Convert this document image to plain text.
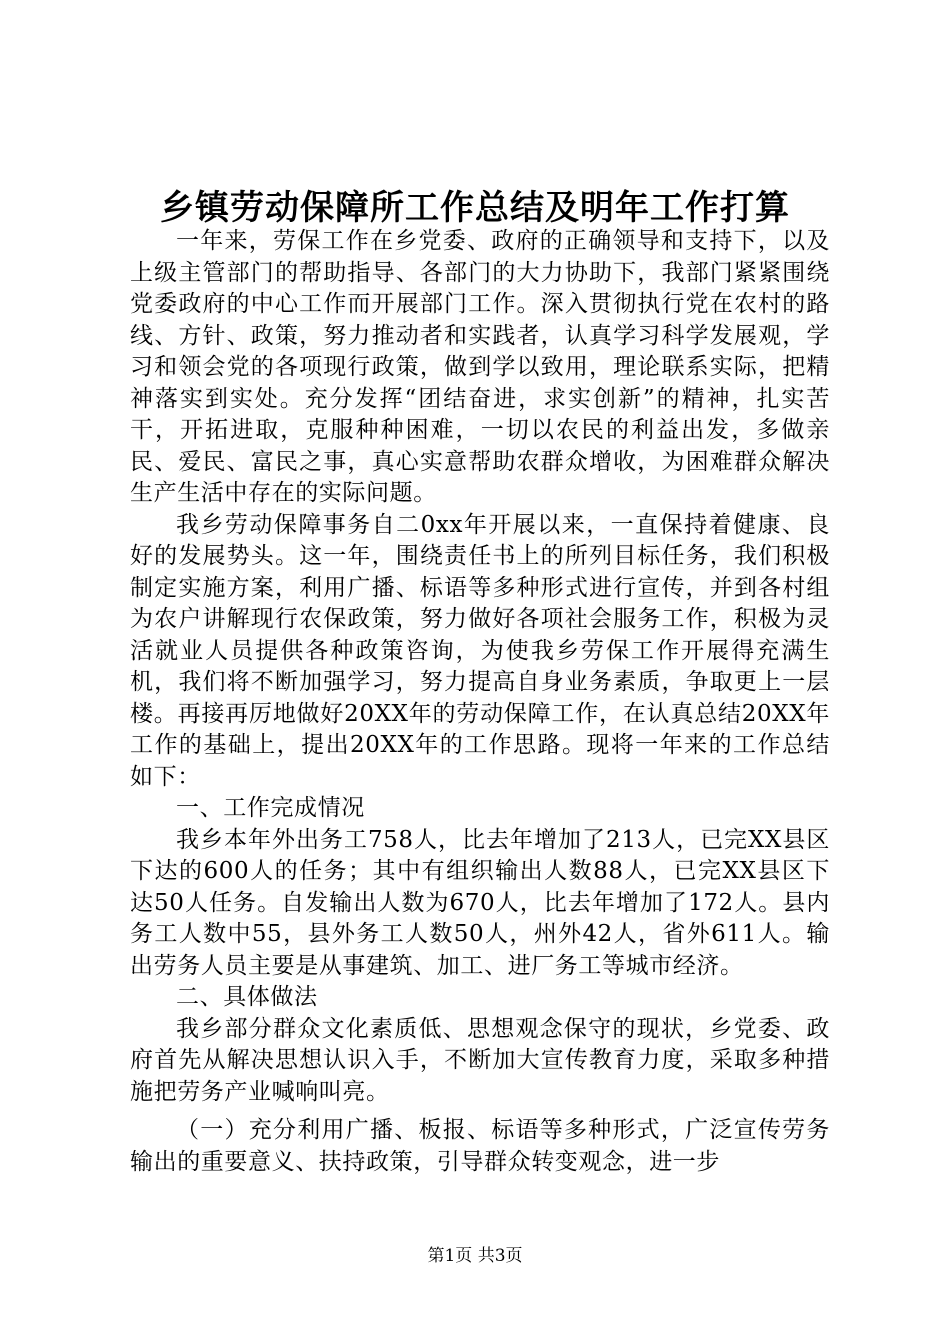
乡镇劳动保障所工作总结及明年工作打算

一年来，劳保工作在乡党委、政府的正确领导和支持下，以及上级主管部门的帮助指导、各部门的大力协助下，我部门紧紧围绕党委政府的中心工作而开展部门工作。深入贯彻执行党在农村的路线、方针、政策，努力推动者和实践者，认真学习科学发展观，学习和领会党的各项现行政策，做到学以致用，理论联系实际，把精神落实到实处。充分发挥“团结奋进，求实创新”的精神，扎实苦干，开拓进取，克服种种困难，一切以农民的利益出发，多做亲民、爱民、富民之事，真心实意帮助农群众增收，为困难群众解决生产生活中存在的实际问题。

我乡劳动保障事务自二0xx年开展以来，一直保持着健康、良好的发展势头。这一年，围绕责任书上的所列目标任务，我们积极制定实施方案，利用广播、标语等多种形式进行宣传，并到各村组为农户讲解现行农保政策，努力做好各项社会服务工作，积极为灵活就业人员提供各种政策咨询，为使我乡劳保工作开展得充满生机，我们将不断加强学习，努力提高自身业务素质，争取更上一层楼。再接再厉地做好20XX年的劳动保障工作，在认真总结20XX年工作的基础上，提出20XX年的工作思路。现将一年来的工作总结如下：

一、工作完成情况

我乡本年外出务工758人，比去年增加了213人，已完XX县区下达的600人的任务；其中有组织输出人数88人，已完XX县区下达50人任务。自发输出人数为670人，比去年增加了172人。县内务工人数中55，县外务工人数50人，州外42人，省外611人。输出劳务人员主要是从事建筑、加工、进厂务工等城市经济。

二、具体做法

我乡部分群众文化素质低、思想观念保守的现状，乡党委、政府首先从解决思想认识入手，不断加大宣传教育力度，采取多种措施把劳务产业喊响叫亮。

（一）充分利用广播、板报、标语等多种形式，广泛宣传劳务输出的重要意义、扶持政策，引导群众转变观念，进一步

第1页 共3页
